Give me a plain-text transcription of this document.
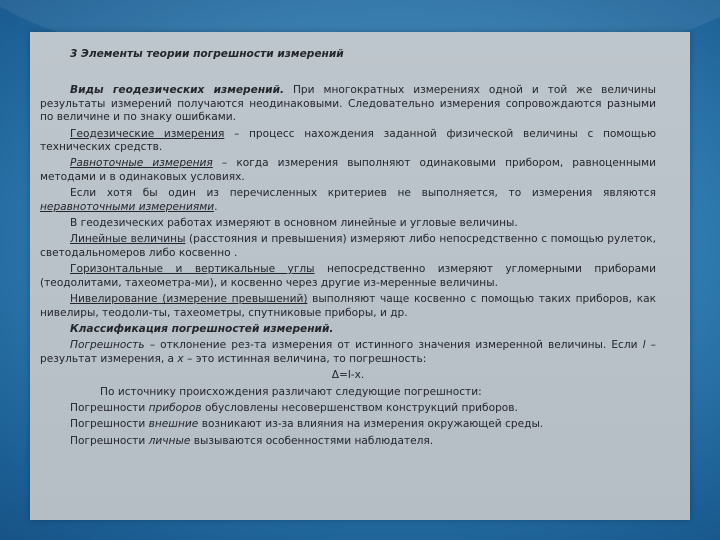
3 Элементы теории погрешности измерений

Виды геодезических измерений. При многократных измерениях одной и той же величины результаты измерений получаются неодинаковыми. Следовательно измерения сопровождаются разными по величине и по знаку ошибками.

Геодезические измерения – процесс нахождения заданной физической величины с помощью технических средств.

Равноточные измерения – когда измерения выполняют одинаковыми прибором, равноценными методами и в одинаковых условиях.

Если хотя бы один из перечисленных критериев не выполняется, то измерения являются неравноточными измерениями.

В геодезических работах измеряют в основном линейные и угловые величины.

Линейные величины (расстояния и превышения) измеряют либо непосредственно с помощью рулеток, светодальномеров либо косвенно .

Горизонтальные и вертикальные углы непосредственно измеряют угломерными приборами (теодолитами, тахеометра-ми), и косвенно через другие из-меренные величины.

Нивелирование (измерение превышений) выполняют чаще косвенно с помощью таких приборов, как нивелиры, теодоли-ты, тахеометры, спутниковые приборы, и др.

Классификация погрешностей измерений.

Погрешность – отклонение рез-та измерения от истинного значения измеренной величины. Если l – результат измерения, а x – это истинная величина, то погрешность:

Δ=l-x.

По источнику происхождения различают следующие погрешности:

Погрешности приборов обусловлены несовершенством конструкций приборов.

Погрешности внешние возникают из-за влияния на измерения окружающей среды.

Погрешности личные вызываются особенностями наблюдателя.
